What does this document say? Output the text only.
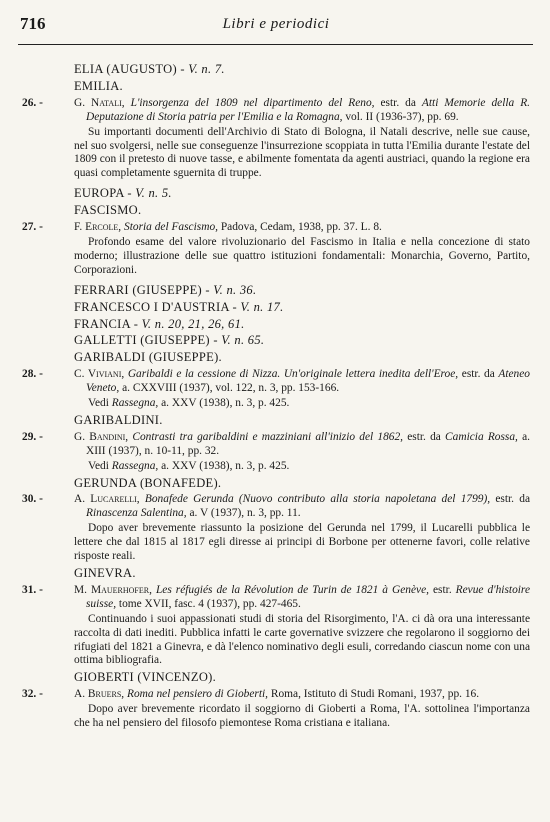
716	Libri e periodici
ELIA (AUGUSTO) - V. n. 7.
EMILIA.
26. -	G. Natali, L'insorgenza del 1809 nel dipartimento del Reno, estr. da Atti Memorie della R. Deputazione di Storia patria per l'Emilia e la Romagna, vol. II (1936-37), pp. 69.
Su importanti documenti dell'Archivio di Stato di Bologna, il Natali descrive, nelle sue cause, nel suo svolgersi, nelle sue conseguenze l'insurrezione scoppiata in tutta l'Emilia durante l'estate del 1809 con il pretesto di nuove tasse, e abilmente fomentata da agenti austriaci, quando la regione era quasi completamente sguernita di truppe.
EUROPA - V. n. 5.
FASCISMO.
27. -	F. Ercole, Storia del Fascismo, Padova, Cedam, 1938, pp. 37. L. 8.
Profondo esame del valore rivoluzionario del Fascismo in Italia e nella concezione di stato moderno; illustrazione delle sue quattro istituzioni fondamentali: Monarchia, Governo, Partito, Corporazioni.
FERRARI (GIUSEPPE) - V. n. 36.
FRANCESCO I D'AUSTRIA - V. n. 17.
FRANCIA - V. n. 20, 21, 26, 61.
GALLETTI (GIUSEPPE) - V. n. 65.
GARIBALDI (GIUSEPPE).
28. -	C. Viviani, Garibaldi e la cessione di Nizza. Un'originale lettera inedita dell'Eroe, estr. da Ateneo Veneto, a. CXXVIII (1937), vol. 122, n. 3, pp. 153-166.
Vedi Rassegna, a. XXV (1938), n. 3, p. 425.
GARIBALDINI.
29. -	G. Bandini, Contrasti tra garibaldini e mazziniani all'inizio del 1862, estr. da Camicia Rossa, a. XIII (1937), n. 10-11, pp. 32.
Vedi Rassegna, a. XXV (1938), n. 3, p. 425.
GERUNDA (BONAFEDE).
30. -	A. Lucarelli, Bonafede Gerunda (Nuovo contributo alla storia napoletana del 1799), estr. da Rinascenza Salentina, a. V (1937), n. 3, pp. 11.
Dopo aver brevemente riassunto la posizione del Gerunda nel 1799, il Lucarelli pubblica le lettere che dal 1815 al 1817 egli diresse ai principi di Borbone per ottenerne favori, colle relative risposte reali.
GINEVRA.
31. -	M. Mauerhofer, Les réfugiés de la Révolution de Turin de 1821 à Genève, estr. Revue d'histoire suisse, tome XVII, fasc. 4 (1937), pp. 427-465.
Continuando i suoi appassionati studi di storia del Risorgimento, l'A. ci dà ora una interessante raccolta di dati inediti. Pubblica infatti le carte governative svizzere che regolarono il soggiorno dei rifugiati del 1821 a Ginevra, e dà l'elenco nominativo degli esuli, corredando ciascun nome con una ottima bibliografia.
GIOBERTI (VINCENZO).
32. -	A. Bruers, Roma nel pensiero di Gioberti, Roma, Istituto di Studi Romani, 1937, pp. 16.
Dopo aver brevemente ricordato il soggiorno di Gioberti a Roma, l'A. sottolinea l'importanza che ha nel pensiero del filosofo piemontese Roma cristiana e italiana.
